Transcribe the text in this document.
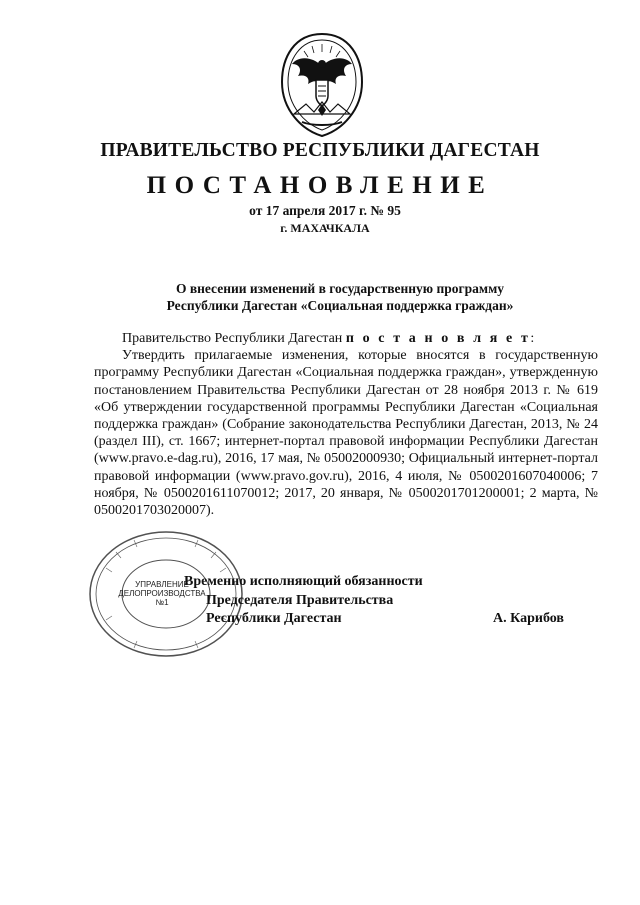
ПРАВИТЕЛЬСТВО РЕСПУБЛИКИ ДАГЕСТАН
ПОСТАНОВЛЕНИЕ
от 17 апреля 2017 г. № 95
г. МАХАЧКАЛА
О внесении изменений в государственную программу
Республики Дагестан «Социальная поддержка граждан»

Правительство Республики Дагестан п о с т а н о в л я е т:

Утвердить прилагаемые изменения, которые вносятся в государственную программу Республики Дагестан «Социальная поддержка граждан», утвержденную постановлением Правительства Республики Дагестан от 28 ноября 2013 г. № 619 «Об утверждении государственной программы Республики Дагестан «Социальная поддержка граждан» (Собрание законодательства Республики Дагестан, 2013, № 24 (раздел III), ст. 1667; интернет-портал правовой информации Республики Дагестан (www.pravo.e-dag.ru), 2016, 17 мая, № 05002000930; Официальный интернет-портал правовой информации (www.pravo.gov.ru), 2016, 4 июля, № 0500201607040006; 7 ноября, № 0500201611070012; 2017, 20 января, № 0500201701200001; 2 марта, № 0500201703020007).

УПРАВЛЕНИЕ
ДЕЛОПРОИЗВОДСТВА
№1
Временно исполняющий обязанности
Председателя Правительства
Республики Дагестан	А. Карибов
